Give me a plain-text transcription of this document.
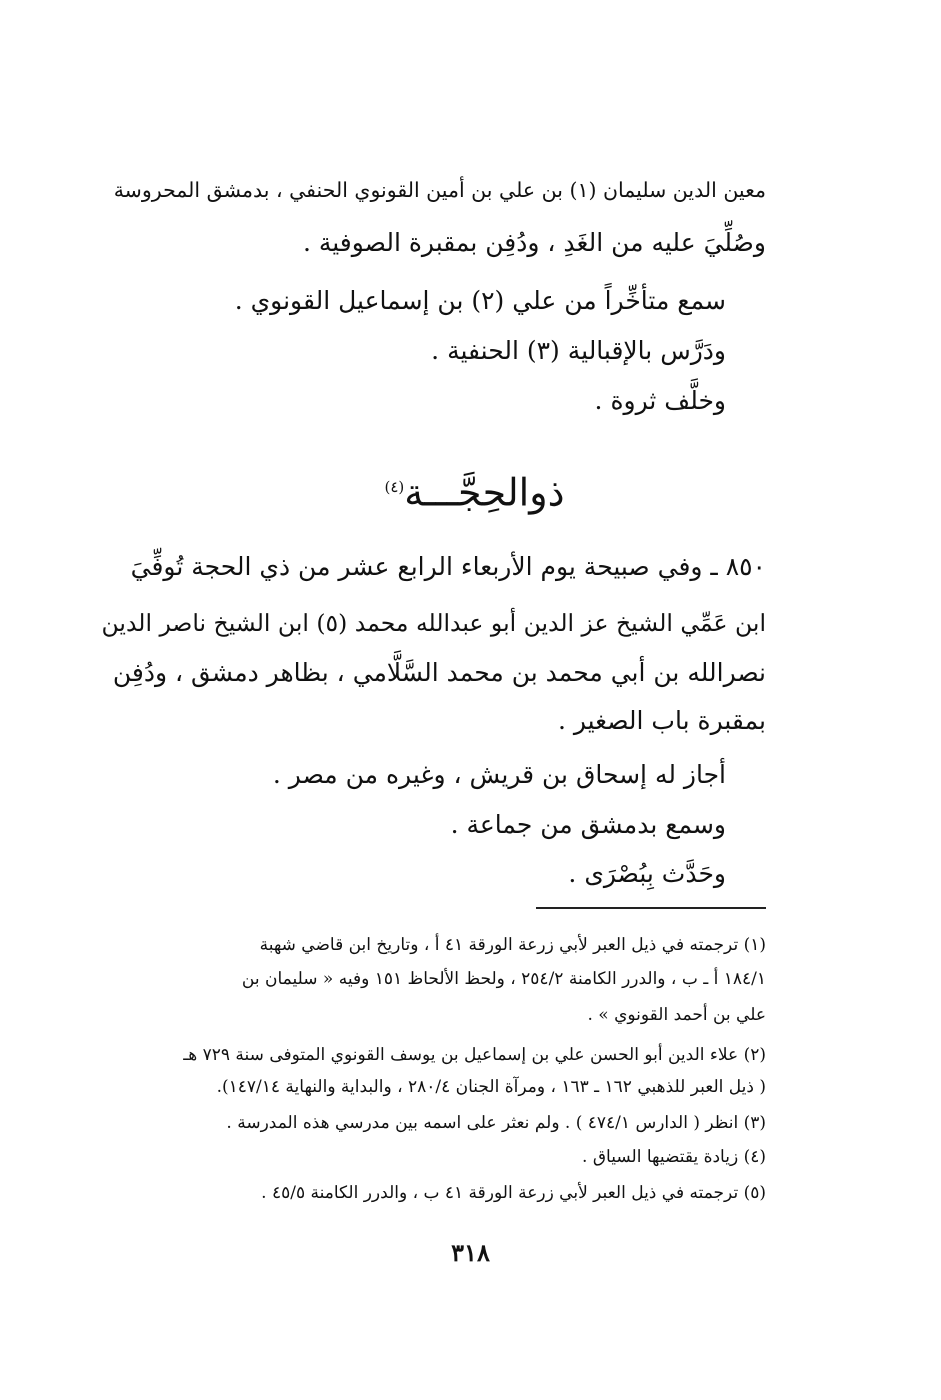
معين الدين سليمان (١) بن علي بن أمين القونوي الحنفي ، بدمشق المحروسة
وصُلِّيَ عليه من الغَدِ ، ودُفِن بمقبرة الصوفية .
سمع متأخِّراً من علي (٢) بن إسماعيل القونوي .
ودَرَّس بالإقبالية (٣) الحنفية .
وخلَّف ثروة .
ذوالحِجَّـــة$^{(٤)}$
٨٥٠ ـ وفي صبيحة يوم الأربعاء الرابع عشر من ذي الحجة تُوفِّيَ
ابن عَمِّي الشيخ عز الدين أبو عبدالله محمد (٥) ابن الشيخ ناصر الدين
نصرالله بن أبي محمد بن محمد السَّلَّامي ، بظاهر دمشق ، ودُفِن
بمقبرة باب الصغير .
أجاز له إسحاق بن قريش ، وغيره من مصر .
وسمع بدمشق من جماعة .
وحَدَّث بِبُصْرَى .
(١) ترجمته في ذيل العبر لأبي زرعة الورقة ٤١ أ ، وتاريخ ابن قاضي شهبة
١٨٤/١ أ ـ ب ، والدرر الكامنة ٢٥٤/٢ ، ولحظ الألحاظ ١٥١ وفيه « سليمان بن
علي بن أحمد القونوي » .
(٢) علاء الدين أبو الحسن علي بن إسماعيل بن يوسف القونوي المتوفى سنة ٧٢٩ هـ
( ذيل العبر للذهبي ١٦٢ ـ ١٦٣ ، ومرآة الجنان ٢٨٠/٤ ، والبداية والنهاية ١٤٧/١٤).
(٣) انظر ( الدارس ٤٧٤/١ ) . ولم نعثر على اسمه بين مدرسي هذه المدرسة .
(٤) زيادة يقتضيها السياق .
(٥) ترجمته في ذيل العبر لأبي زرعة الورقة ٤١ ب ، والدرر الكامنة ٤٥/٥ .
٣١٨
